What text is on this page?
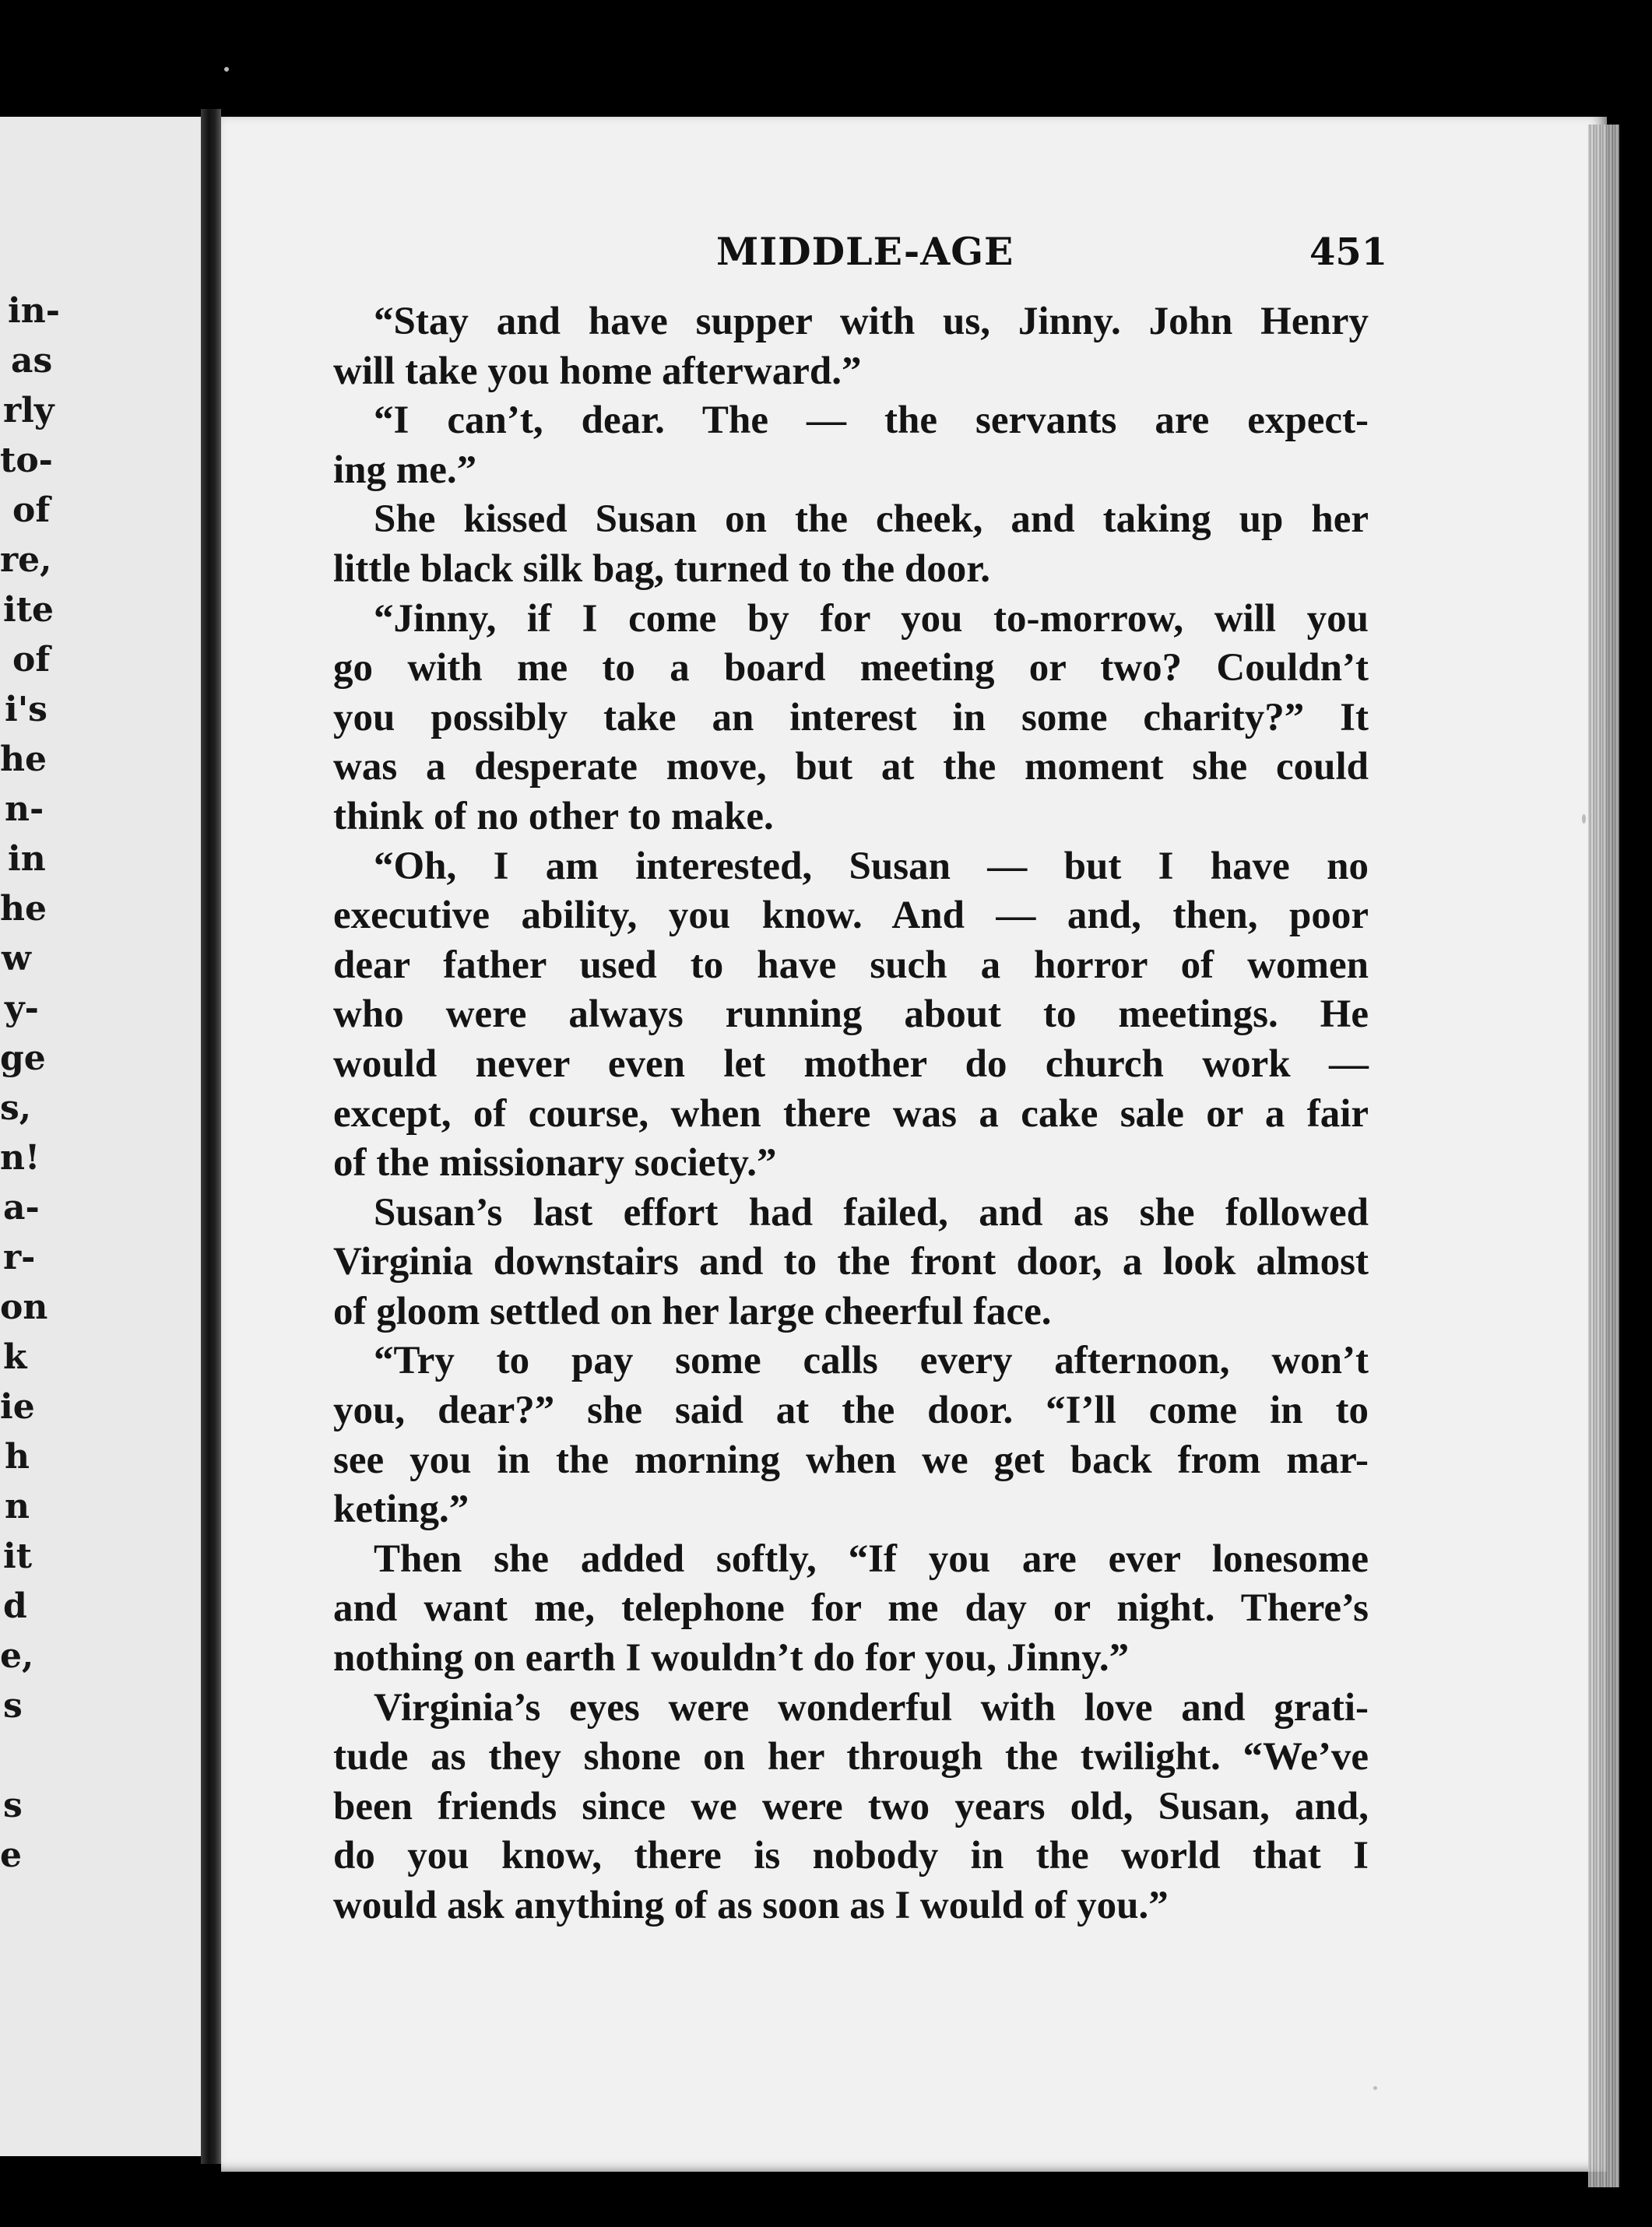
in-
as
rly
to-
of
re,
ite
of
i's
he
n-
in
he
w
y-
ge
s,
n!
a-
r-
on
k
ie
h
n
it
d
e,
s
s
e
MIDDLE-AGE	451
“Stay and have supper with us, Jinny. John Henry
will take you home afterward.”
“I can’t, dear. The — the servants are expect-
ing me.”
She kissed Susan on the cheek, and taking up her
little black silk bag, turned to the door.
“Jinny, if I come by for you to-morrow, will you
go with me to a board meeting or two? Couldn’t
you possibly take an interest in some charity?” It
was a desperate move, but at the moment she could
think of no other to make.
“Oh, I am interested, Susan — but I have no
executive ability, you know. And — and, then, poor
dear father used to have such a horror of women
who were always running about to meetings. He
would never even let mother do church work —
except, of course, when there was a cake sale or a fair
of the missionary society.”
Susan’s last effort had failed, and as she followed
Virginia downstairs and to the front door, a look almost
of gloom settled on her large cheerful face.
“Try to pay some calls every afternoon, won’t
you, dear?” she said at the door. “I’ll come in to
see you in the morning when we get back from mar-
keting.”
Then she added softly, “If you are ever lonesome
and want me, telephone for me day or night. There’s
nothing on earth I wouldn’t do for you, Jinny.”
Virginia’s eyes were wonderful with love and grati-
tude as they shone on her through the twilight. “We’ve
been friends since we were two years old, Susan, and,
do you know, there is nobody in the world that I
would ask anything of as soon as I would of you.”
